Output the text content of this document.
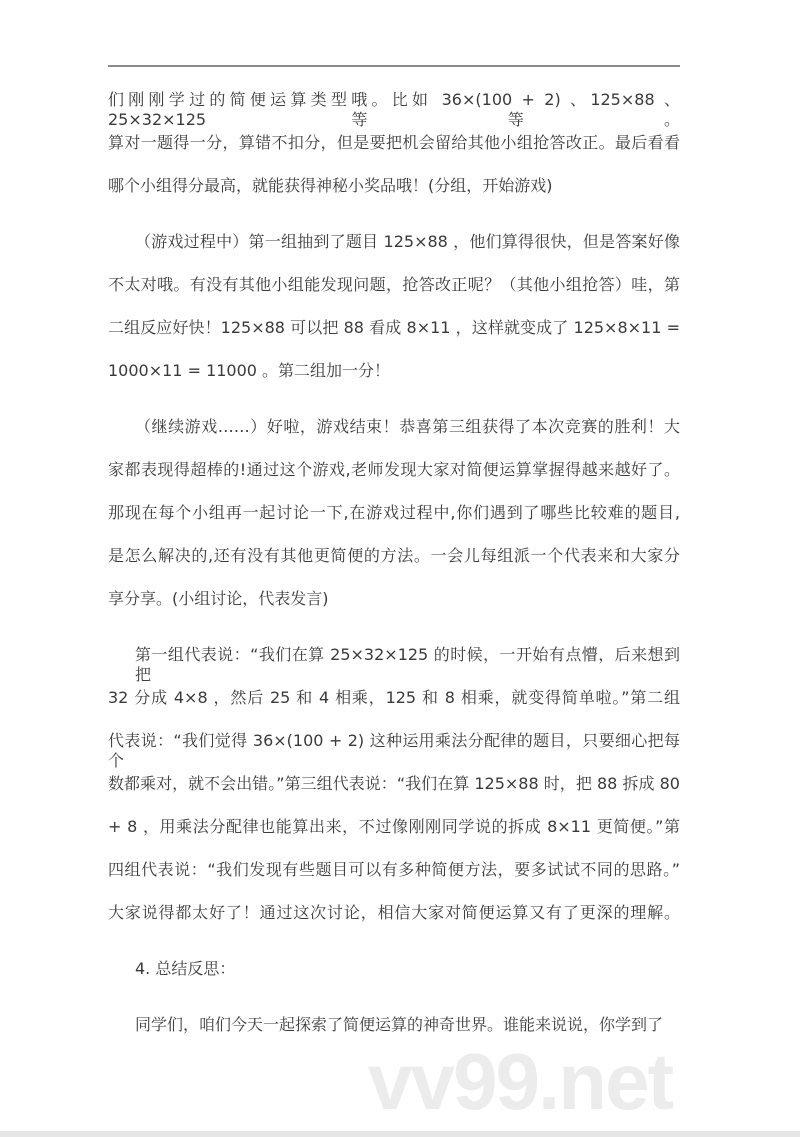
们刚刚学过的简便运算类型哦。比如 36×(100 + 2) 、125×88 、25×32×125 等等。
算对一题得一分，算错不扣分，但是要把机会留给其他小组抢答改正。最后看看
哪个小组得分最高，就能获得神秘小奖品哦！(分组，开始游戏)
（游戏过程中）第一组抽到了题目 125×88 ，他们算得很快，但是答案好像
不太对哦。有没有其他小组能发现问题，抢答改正呢？（其他小组抢答）哇，第
二组反应好快！125×88 可以把 88 看成 8×11 ，这样就变成了 125×8×11 =
1000×11 = 11000 。第二组加一分！
（继续游戏……）好啦，游戏结束！恭喜第三组获得了本次竞赛的胜利！大
家都表现得超棒的!通过这个游戏,老师发现大家对简便运算掌握得越来越好了。
那现在每个小组再一起讨论一下,在游戏过程中,你们遇到了哪些比较难的题目,
是怎么解决的,还有没有其他更简便的方法。一会儿每组派一个代表来和大家分
享分享。(小组讨论，代表发言)
第一组代表说：“我们在算 25×32×125 的时候，一开始有点懵，后来想到把
32 分成 4×8 ，然后 25 和 4 相乘，125 和 8 相乘，就变得简单啦。”第二组
代表说：“我们觉得 36×(100 + 2) 这种运用乘法分配律的题目，只要细心把每个
数都乘对，就不会出错。”第三组代表说：“我们在算 125×88 时，把 88 拆成 80
+ 8 ，用乘法分配律也能算出来，不过像刚刚同学说的拆成 8×11 更简便。”第
四组代表说：“我们发现有些题目可以有多种简便方法，要多试试不同的思路。”
大家说得都太好了！通过这次讨论，相信大家对简便运算又有了更深的理解。
4. 总结反思：
同学们，咱们今天一起探索了简便运算的神奇世界。谁能来说说，你学到了
vv99.net
